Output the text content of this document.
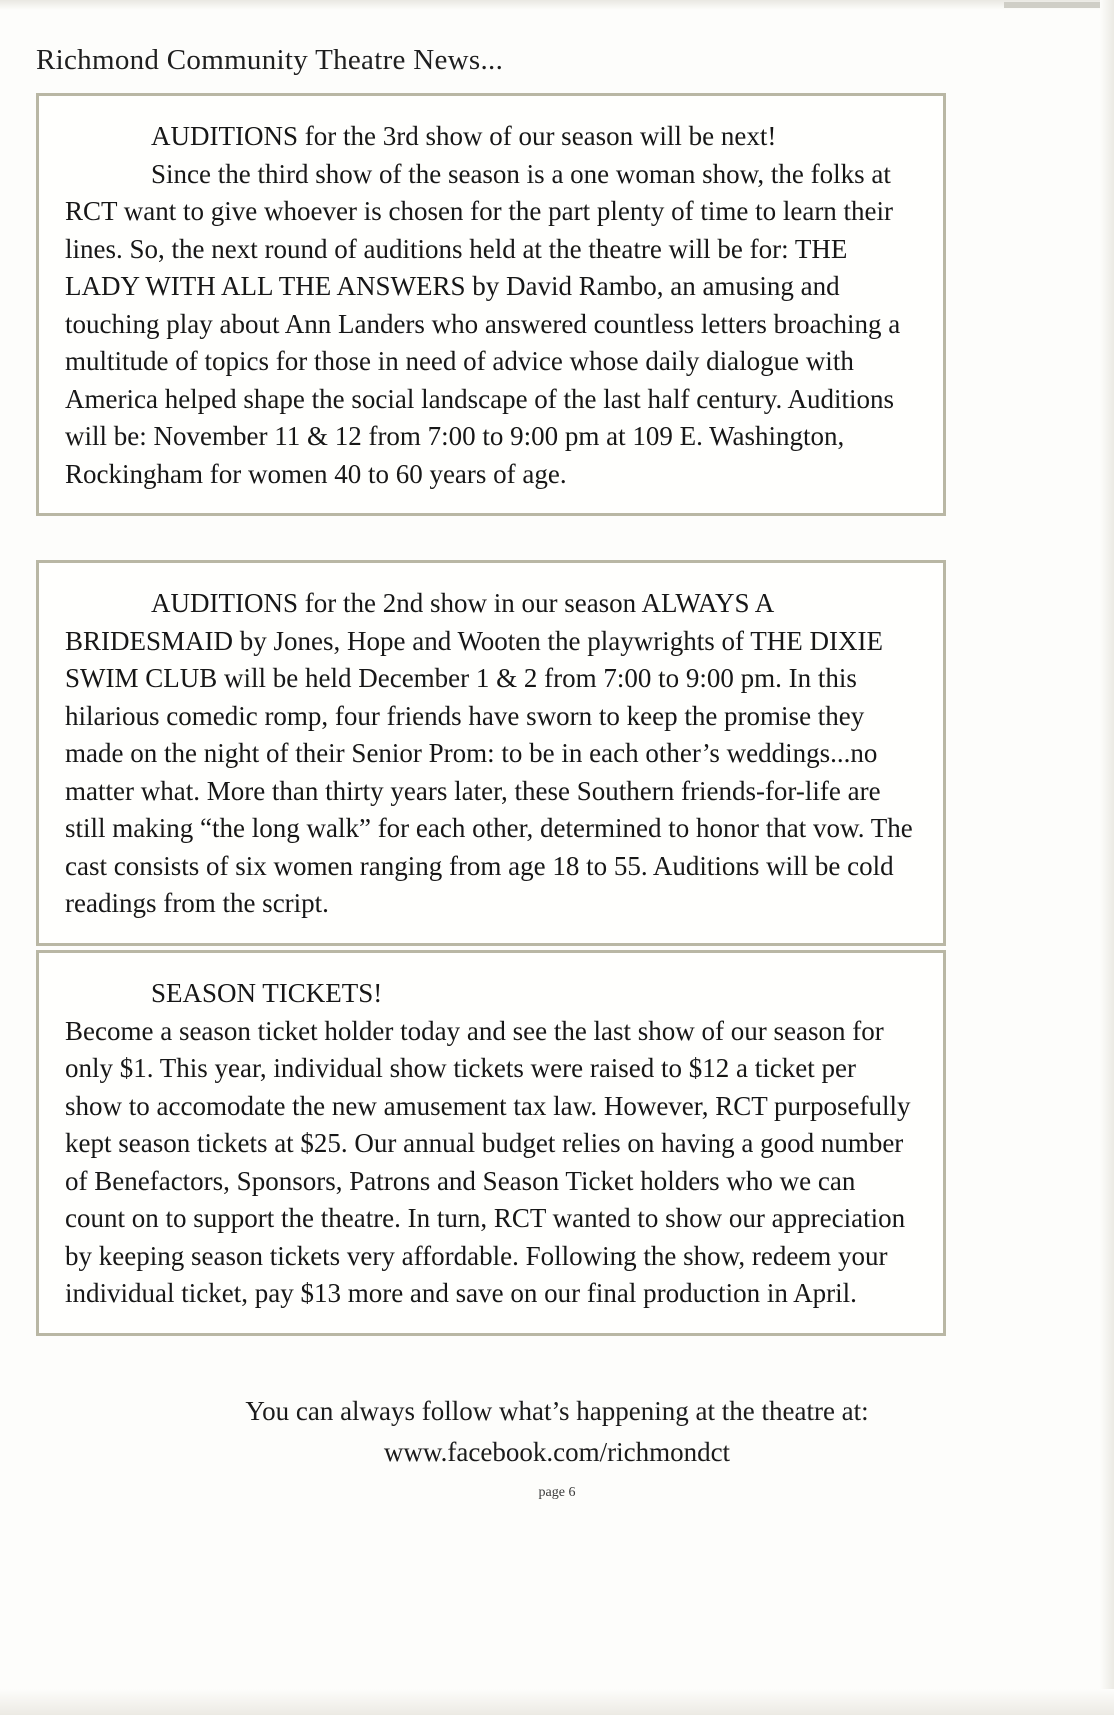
Richmond Community Theatre News...

AUDITIONS for the 3rd show of our season will be next!

Since the third show of the season is a one woman show, the folks at RCT want to give whoever is chosen for the part plenty of time to learn their lines. So, the next round of auditions held at the theatre will be for: THE LADY WITH ALL THE ANSWERS by David Rambo, an amusing and touching play about Ann Landers who answered countless letters broaching a multitude of topics for those in need of advice whose daily dialogue with America helped shape the social landscape of the last half century. Auditions will be: November 11 & 12 from 7:00 to 9:00 pm at 109 E. Washington, Rockingham for women 40 to 60 years of age.

AUDITIONS for the 2nd show in our season ALWAYS A BRIDESMAID by Jones, Hope and Wooten the playwrights of THE DIXIE SWIM CLUB will be held December 1 & 2 from 7:00 to 9:00 pm. In this hilarious comedic romp, four friends have sworn to keep the promise they made on the night of their Senior Prom: to be in each other’s weddings...no matter what. More than thirty years later, these Southern friends-for-life are still making “the long walk” for each other, determined to honor that vow. The cast consists of six women ranging from age 18 to 55. Auditions will be cold readings from the script.

SEASON TICKETS!

Become a season ticket holder today and see the last show of our season for only $1. This year, individual show tickets were raised to $12 a ticket per show to accomodate the new amusement tax law. However, RCT purposefully kept season tickets at $25. Our annual budget relies on having a good number of Benefactors, Sponsors, Patrons and Season Ticket holders who we can count on to support the theatre. In turn, RCT wanted to show our appreciation by keeping season tickets very affordable. Following the show, redeem your individual ticket, pay $13 more and save on our final production in April.

You can always follow what’s happening at the theatre at:
www.facebook.com/richmondct
page 6
